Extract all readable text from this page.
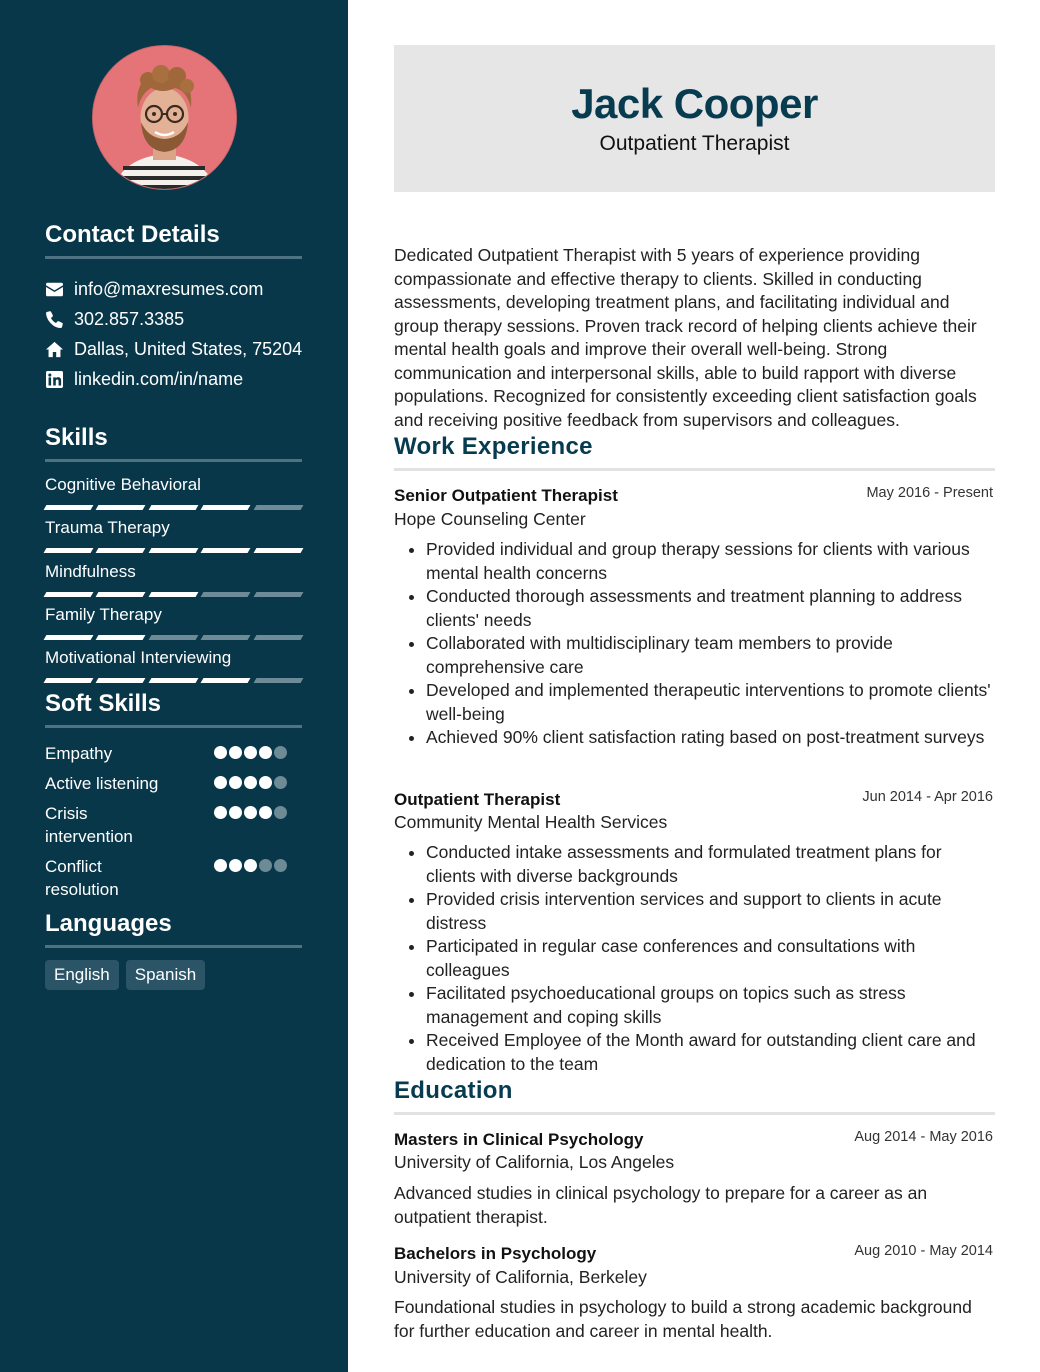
Contact Details
info@maxresumes.com
302.857.3385
Dallas, United States, 75204
linkedin.com/in/name
Skills
Cognitive Behavioral
Trauma Therapy
Mindfulness
Family Therapy
Motivational Interviewing
Soft Skills
Empathy
Active listening
Crisis intervention
Conflict resolution
Languages
English	Spanish
Jack Cooper
Outpatient Therapist

Dedicated Outpatient Therapist with 5 years of experience providing compassionate and effective therapy to clients. Skilled in conducting assessments, developing treatment plans, and facilitating individual and group therapy sessions. Proven track record of helping clients achieve their mental health goals and improve their overall well-being. Strong communication and interpersonal skills, able to build rapport with diverse populations. Recognized for consistently exceeding client satisfaction goals and receiving positive feedback from supervisors and colleagues.

Work Experience
Senior Outpatient Therapist	May 2016 - Present
Hope Counseling Center
• Provided individual and group therapy sessions for clients with various mental health concerns
• Conducted thorough assessments and treatment planning to address clients' needs
• Collaborated with multidisciplinary team members to provide comprehensive care
• Developed and implemented therapeutic interventions to promote clients' well-being
• Achieved 90% client satisfaction rating based on post-treatment surveys
Outpatient Therapist	Jun 2014 - Apr 2016
Community Mental Health Services
• Conducted intake assessments and formulated treatment plans for clients with diverse backgrounds
• Provided crisis intervention services and support to clients in acute distress
• Participated in regular case conferences and consultations with colleagues
• Facilitated psychoeducational groups on topics such as stress management and coping skills
• Received Employee of the Month award for outstanding client care and dedication to the team
Education
Masters in Clinical Psychology	Aug 2014 - May 2016
University of California, Los Angeles

Advanced studies in clinical psychology to prepare for a career as an outpatient therapist.

Bachelors in Psychology	Aug 2010 - May 2014
University of California, Berkeley

Foundational studies in psychology to build a strong academic background for further education and career in mental health.
